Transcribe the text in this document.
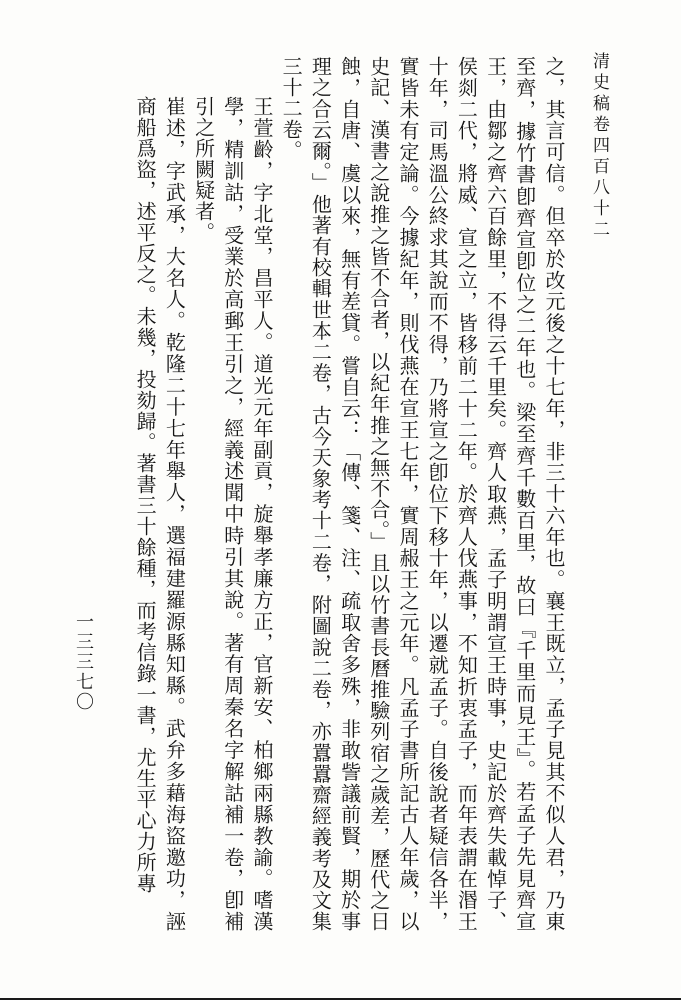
清史稿卷四百八十二

之，其言可信。但卒於改元後之十七年，非三十六年也。襄王既立，孟子見其不似人君，乃東至齊，據竹書卽齊宣卽位之二年也。梁至齊千數百里，故曰『千里而見王』。若孟子先見齊宣王，由鄒之齊六百餘里，不得云千里矣。齊人取燕，孟子明謂宣王時事，史記於齊失載悼子、侯剡二代，將威、宣之立，皆移前二十二年。於齊人伐燕事，不知折衷孟子，而年表謂在湣王十年，司馬溫公終求其說而不得，乃將宣之卽位下移十年，以遷就孟子。自後說者疑信各半，實皆未有定論。今據紀年，則伐燕在宣王七年，實周赧王之元年。凡孟子書所記古人年歲，以史記、漢書之說推之皆不合者，以紀年推之無不合。」且以竹書長曆推驗列宿之歲差，歷代之日蝕，自唐、虞以來，無有差貸。嘗自云：「傳、箋、注、疏取舍多殊，非敢訾議前賢，期於事理之合云爾。」他著有校輯世本二卷，古今天象考十二卷，附圖說二卷，亦囂囂齋經義考及文集三十二卷。

王萱齡，字北堂，昌平人。道光元年副貢，旋舉孝廉方正，官新安、柏鄉兩縣教諭。嗜漢學，精訓詁，受業於高郵王引之，經義述聞中時引其說。著有周秦名字解詁補一卷，卽補引之所闕疑者。

崔述，字武承，大名人。乾隆二十七年舉人，選福建羅源縣知縣。武弁多藉海盜邀功，誣商船爲盜，述平反之。未幾，投劾歸。著書三十餘種，而考信錄一書，尤生平心力所專

一三三七〇
